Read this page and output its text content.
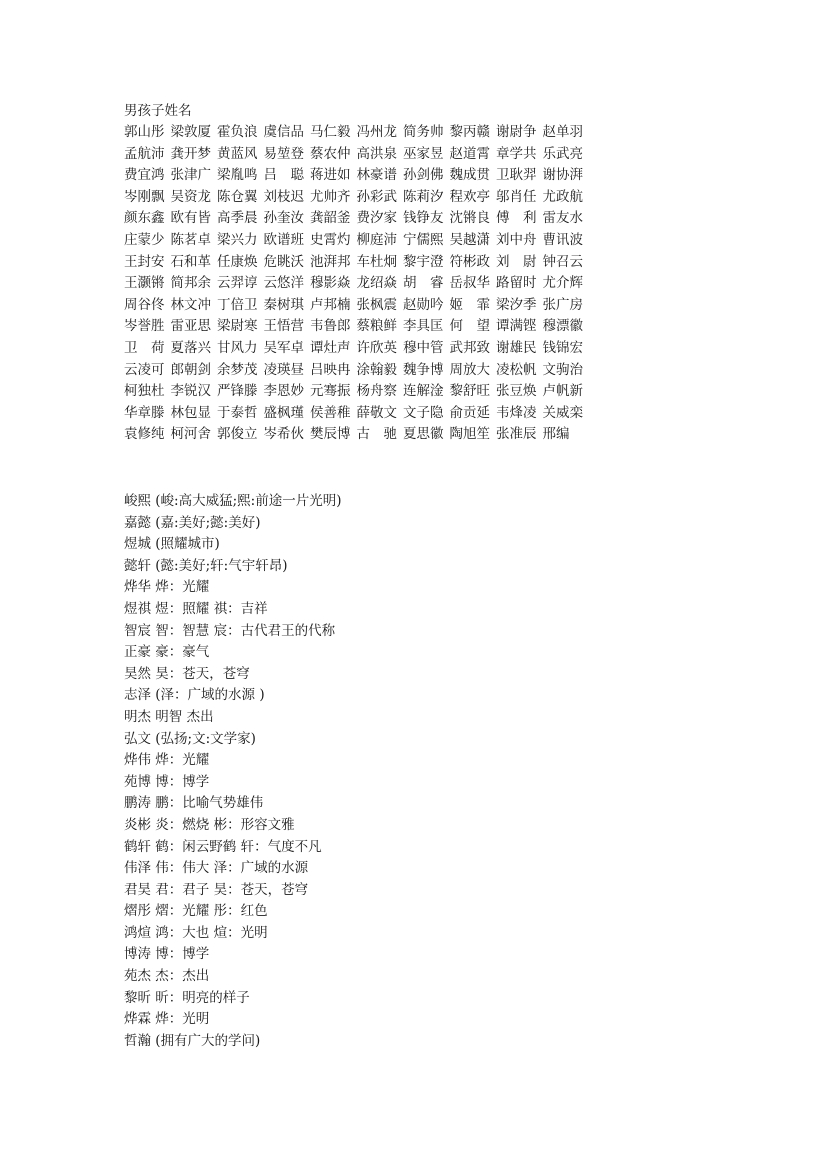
男孩子姓名
郭山彤 梁敦厦 霍负浪 虞信品 马仁毅 冯州龙 简务帅 黎丙赣 谢尉争 赵单羽
孟航沛 龚开梦 黄蓝风 易堃登 蔡农仲 高洪泉 巫家昱 赵道霄 章学共 乐武亮
费宜鸿 张津广 梁胤鸣 吕　聪 蒋进如 林豪谱 孙剑佛 魏成贯 卫耿羿 谢协湃
岑刚飘 吴资龙 陈仓翼 刘枝迟 尤帅齐 孙彩武 陈莉汐 程欢亭 邬肖任 尤政航
颜东鑫 欧有皆 高季晨 孙奎汝 龚韶釜 费汐家 钱铮友 沈锵良 傅　利 雷友水
庄蒙少 陈茗卓 梁兴力 欧谱班 史霄灼 柳庭沛 宁儒熙 吴越潇 刘中舟 曹讯波
王封安 石和革 任康焕 危眺沃 池湃邦 车杜炯 黎宇澄 符彬政 刘　尉 钟召云
王灏锵 简邦余 云羿谆 云悠洋 穆影焱 龙绍焱 胡　睿 岳叔华 路留时 尤介辉
周谷佟 林文冲 丁倍卫 秦树琪 卢邦楠 张枫震 赵勋吟 姬　霏 梁汐季 张广房
岑誉胜 雷亚思 梁尉寒 王悟营 韦鲁郎 蔡粮鲜 李具匡 何　望 谭满铿 穆漂徽
卫　荷 夏落兴 甘风力 吴军卓 谭灶声 许欣英 穆中管 武邦致 谢雄民 钱锦宏
云凌可 郎朝剑 余梦茂 凌瑛昼 吕映冉 涂翰毅 魏争博 周放大 凌松帆 文驹治
柯独杜 李锐汉 严锋滕 李恩妙 元骞振 杨舟察 连解淦 黎舒旺 张豆焕 卢帆新
华章滕 林包显 于泰哲 盛枫瑾 侯善稚 薛敬文 文子隐 俞贡延 韦烽凌 关威栾
袁修纯 柯河舍 郭俊立 岑希伙 樊辰博 古　驰 夏思徽 陶旭笙 张准辰 邢编
峻熙 (峻:高大威猛;熙:前途一片光明)
嘉懿 (嘉:美好;懿:美好)
煜城 (照耀城市)
懿轩 (懿:美好;轩:气宇轩昂)
烨华 烨：光耀
煜祺 煜：照耀 祺：吉祥
智宸 智：智慧 宸：古代君王的代称
正豪 豪：豪气
昊然 昊：苍天，苍穹
志泽 (泽：广域的水源 )
明杰 明智 杰出
弘文 (弘扬;文:文学家)
烨伟 烨：光耀
苑博 博：博学
鹏涛 鹏：比喻气势雄伟
炎彬 炎：燃烧 彬：形容文雅
鹤轩 鹤：闲云野鹤 轩：气度不凡
伟泽 伟：伟大 泽：广域的水源
君昊 君：君子 昊：苍天，苍穹
熠彤 熠：光耀 彤：红色
鸿煊 鸿：大也 煊：光明
博涛 博：博学
苑杰 杰：杰出
黎昕 昕：明亮的样子
烨霖 烨：光明
哲瀚 (拥有广大的学问)
